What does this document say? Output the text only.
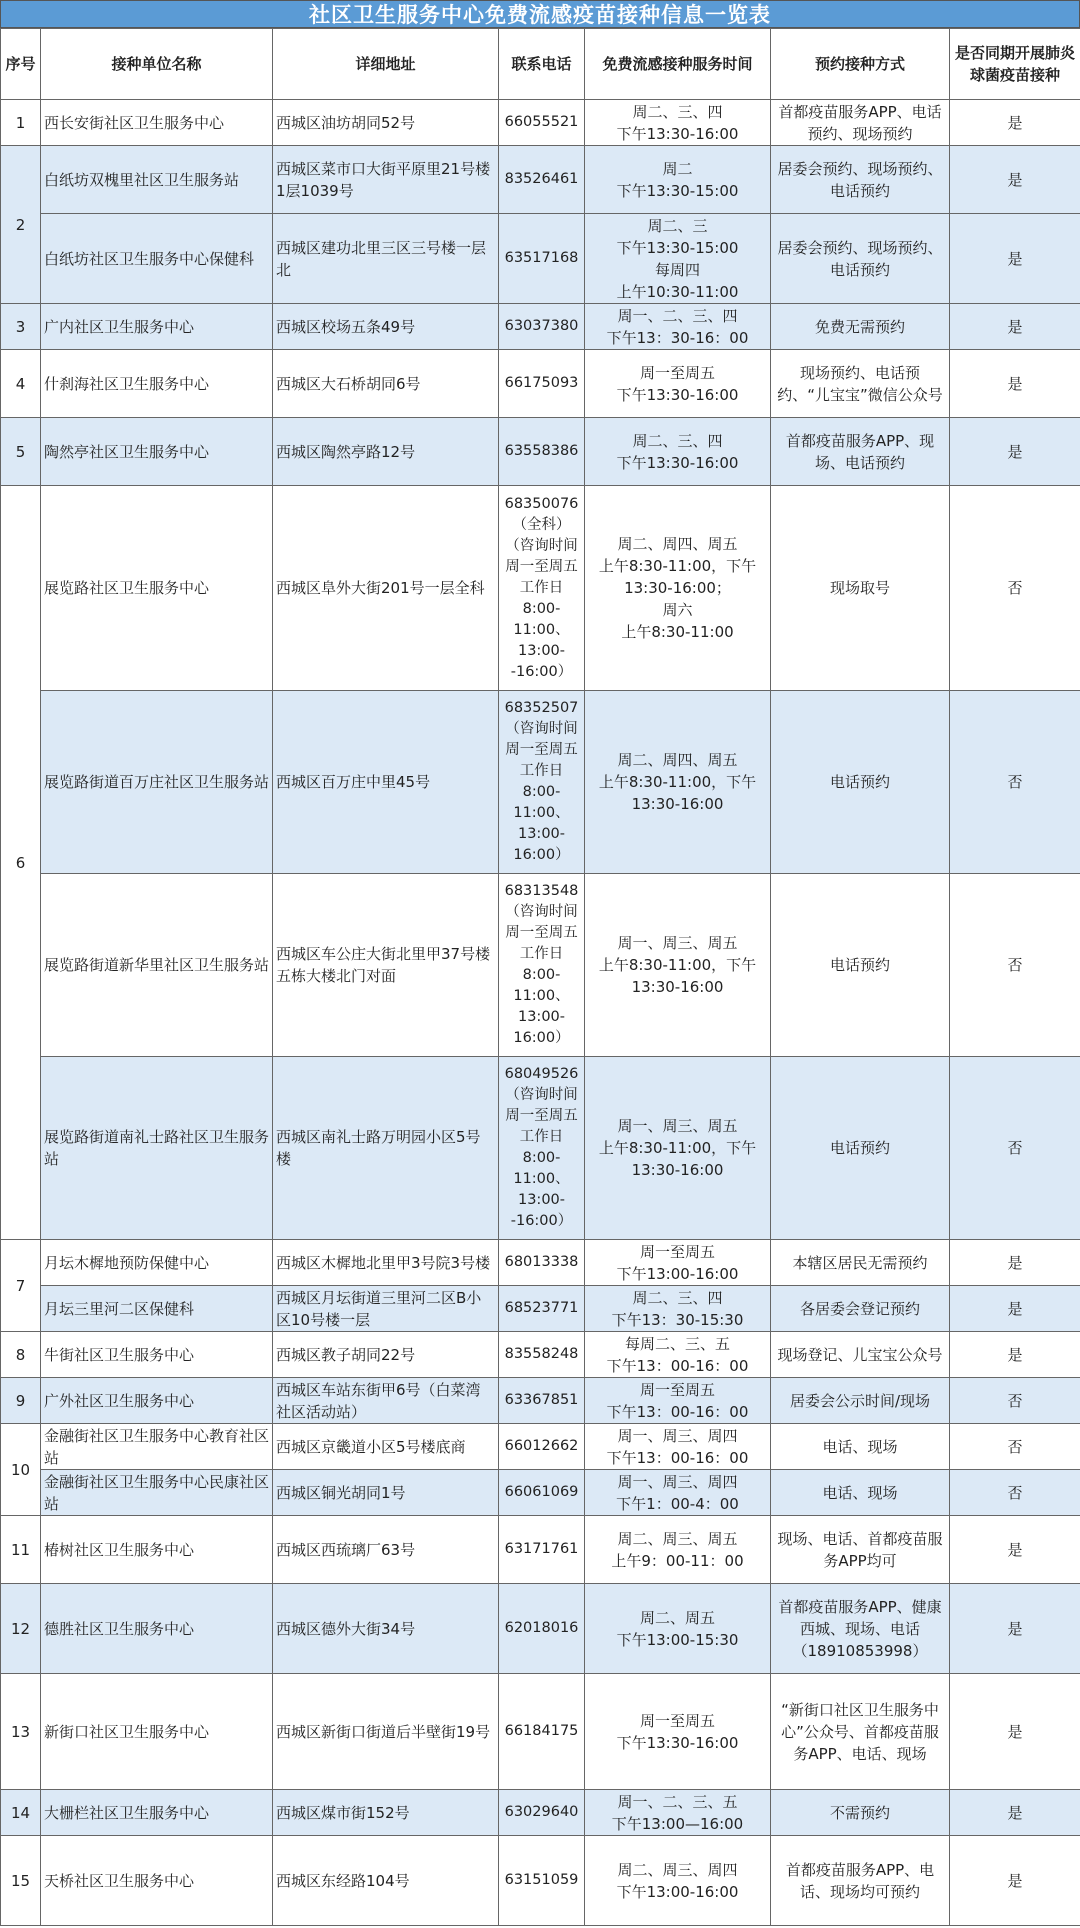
社区卫生服务中心免费流感疫苗接种信息一览表
序号	接种单位名称	详细地址	联系电话	免费流感接种服务时间	预约接种方式	是否同期开展肺炎球菌疫苗接种
1	西长安街社区卫生服务中心	西城区油坊胡同52号	66055521	周二、三、四
下午13:30-16:00	首都疫苗服务APP、电话预约、现场预约	是
2	白纸坊双槐里社区卫生服务站	西城区菜市口大街平原里21号楼1层1039号	83526461	周二
下午13:30-15:00	居委会预约、现场预约、电话预约	是
	白纸坊社区卫生服务中心保健科	西城区建功北里三区三号楼一层北	63517168	周二、三
下午13:30-15:00
每周四
上午10:30-11:00	居委会预约、现场预约、电话预约	是
3	广内社区卫生服务中心	西城区校场五条49号	63037380	周一、二、三、四
下午13：30-16：00	免费无需预约	是
4	什刹海社区卫生服务中心	西城区大石桥胡同6号	66175093	周一至周五
下午13:30-16:00	现场预约、电话预约、“儿宝宝”微信公众号	是
5	陶然亭社区卫生服务中心	西城区陶然亭路12号	63558386	周二、三、四
下午13:30-16:00	首都疫苗服务APP、现场、电话预约	是
6	展览路社区卫生服务中心	西城区阜外大街201号一层全科	68350076
（全科）
（咨询时间周一至周五工作日8:00-11:00、13:00--16:00）	周二、周四、周五
上午8:30-11:00，下午13:30-16:00；
周六
上午8:30-11:00	现场取号	否
	展览路街道百万庄社区卫生服务站	西城区百万庄中里45号	68352507
（咨询时间周一至周五工作日8:00-11:00、13:00-16:00）	周二、周四、周五
上午8:30-11:00，下午13:30-16:00	电话预约	否
	展览路街道新华里社区卫生服务站	西城区车公庄大街北里甲37号楼五栋大楼北门对面	68313548
（咨询时间周一至周五工作日8:00-11:00、13:00-16:00）	周一、周三、周五
上午8:30-11:00，下午13:30-16:00	电话预约	否
	展览路街道南礼士路社区卫生服务站	西城区南礼士路万明园小区5号楼	68049526
（咨询时间周一至周五工作日8:00-11:00、13:00--16:00）	周一、周三、周五
上午8:30-11:00，下午13:30-16:00	电话预约	否
7	月坛木樨地预防保健中心	西城区木樨地北里甲3号院3号楼	68013338	周一至周五
下午13:00-16:00	本辖区居民无需预约	是
	月坛三里河二区保健科	西城区月坛街道三里河二区B小区10号楼一层	68523771	周二、三、四
下午13：30-15:30	各居委会登记预约	是
8	牛街社区卫生服务中心	西城区教子胡同22号	83558248	每周二、三、五
下午13：00-16：00	现场登记、儿宝宝公众号	是
9	广外社区卫生服务中心	西城区车站东街甲6号（白菜湾社区活动站）	63367851	周一至周五
下午13：00-16：00	居委会公示时间/现场	否
10	金融街社区卫生服务中心教育社区站	西城区京畿道小区5号楼底商	66012662	周一、周三、周四
下午13：00-16：00	电话、现场	否
	金融街社区卫生服务中心民康社区站	西城区铜光胡同1号	66061069	周一、周三、周四
下午1：00-4：00	电话、现场	否
11	椿树社区卫生服务中心	西城区西琉璃厂63号	63171761	周二、周三、周五
上午9：00-11：00	现场、电话、首都疫苗服务APP均可	是
12	德胜社区卫生服务中心	西城区德外大街34号	62018016	周二、周五
下午13:00-15:30	首都疫苗服务APP、健康西城、现场、电话（18910853998）	是
13	新街口社区卫生服务中心	西城区新街口街道后半壁街19号	66184175	周一至周五
下午13:30-16:00	“新街口社区卫生服务中心”公众号、首都疫苗服务APP、电话、现场	是
14	大栅栏社区卫生服务中心	西城区煤市街152号	63029640	周一、二、三、五
下午13:00—16:00	不需预约	是
15	天桥社区卫生服务中心	西城区东经路104号	63151059	周二、周三、周四
下午13:00-16:00	首都疫苗服务APP、电话、现场均可预约	是
